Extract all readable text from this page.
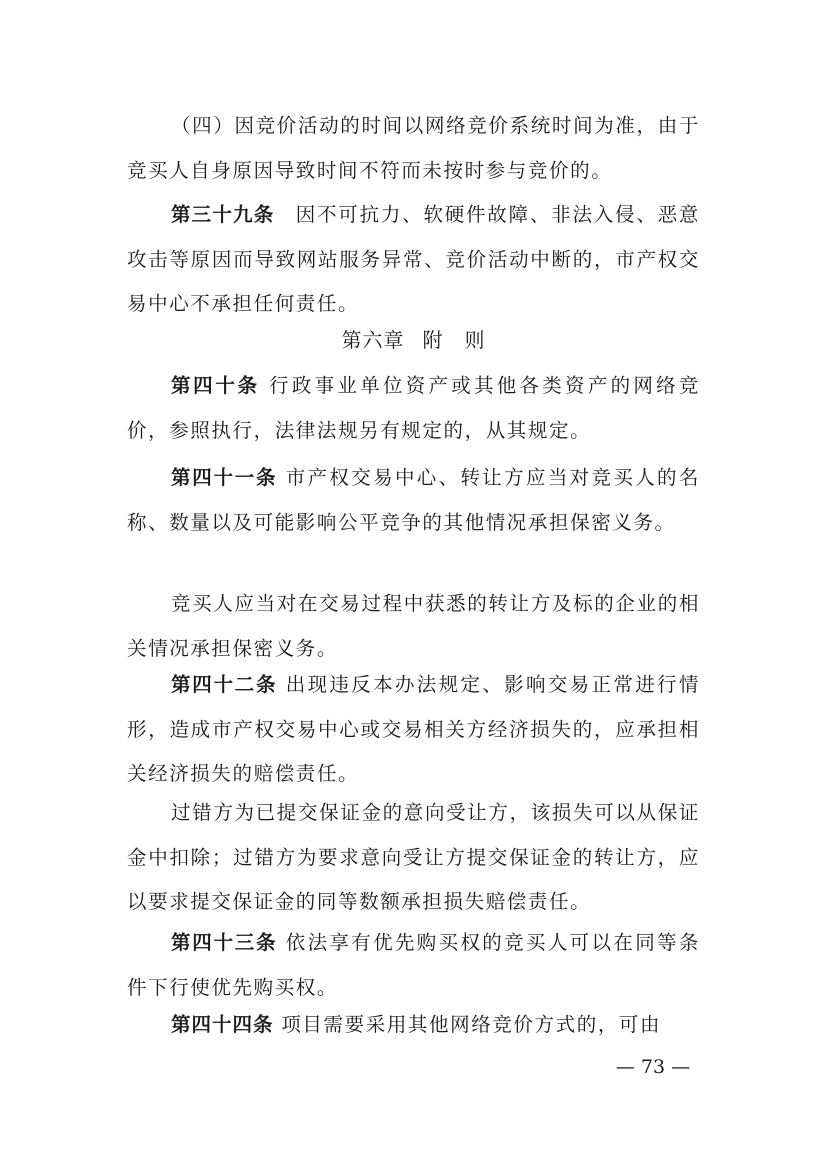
（四）因竞价活动的时间以网络竞价系统时间为准，由于竞买人自身原因导致时间不符而未按时参与竞价的。

第三十九条　 因不可抗力、软硬件故障、非法入侵、恶意攻击等原因而导致网站服务异常、竞价活动中断的，市产权交易中心不承担任何责任。

第六章 附　则

第四十条 行政事业单位资产或其他各类资产的网络竞价，参照执行，法律法规另有规定的，从其规定。

第四十一条 市产权交易中心、转让方应当对竞买人的名称、数量以及可能影响公平竞争的其他情况承担保密义务。

竞买人应当对在交易过程中获悉的转让方及标的企业的相关情况承担保密义务。

第四十二条 出现违反本办法规定、影响交易正常进行情形，造成市产权交易中心或交易相关方经济损失的，应承担相关经济损失的赔偿责任。

过错方为已提交保证金的意向受让方，该损失可以从保证金中扣除；过错方为要求意向受让方提交保证金的转让方，应以要求提交保证金的同等数额承担损失赔偿责任。

第四十三条 依法享有优先购买权的竞买人可以在同等条件下行使优先购买权。

第四十四条 项目需要采用其他网络竞价方式的，可由

— 73 —
